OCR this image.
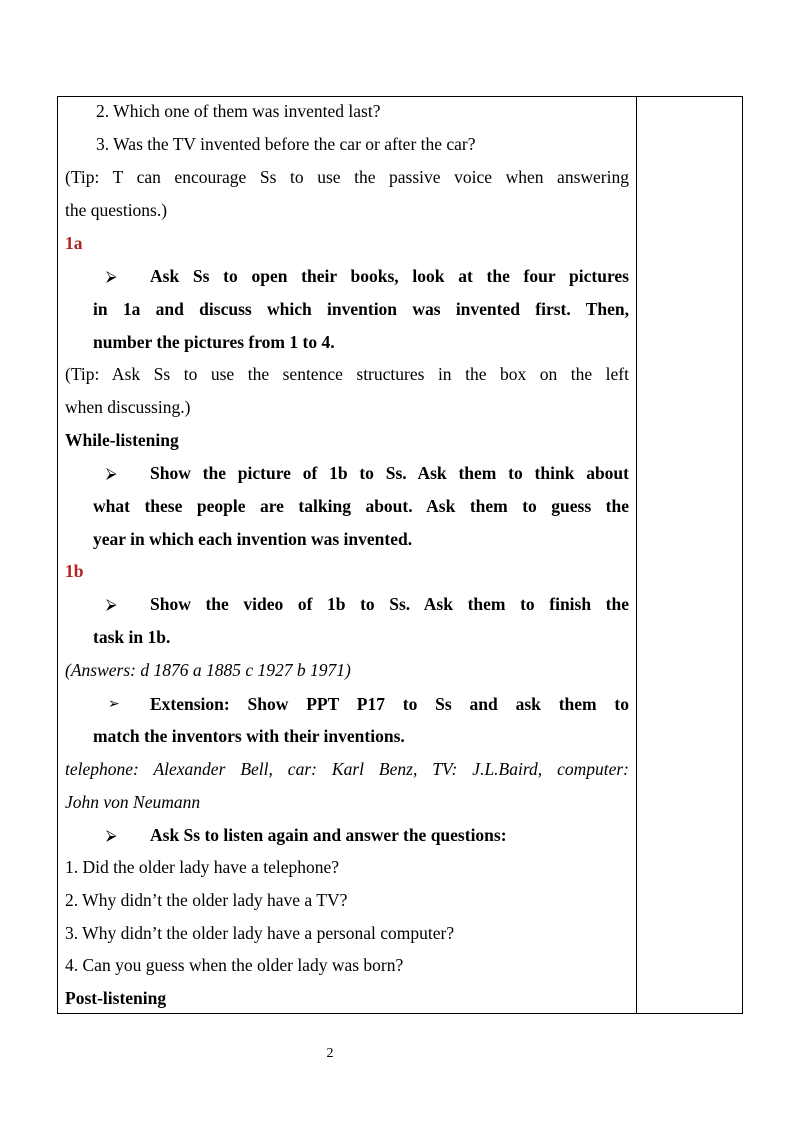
2. Which one of them was invented last?
3. Was the TV invented before the car or after the car?
(Tip: T can encourage Ss to use the passive voice when answering
the questions.)
1a
⮚ Ask Ss to open their books, look at the four pictures
in 1a and discuss which invention was invented first. Then,
number the pictures from 1 to 4.
(Tip: Ask Ss to use the sentence structures in the box on the left
when discussing.)
While-listening
⮚ Show the picture of 1b to Ss. Ask them to think about
what these people are talking about. Ask them to guess the
year in which each invention was invented.
1b
⮚ Show the video of 1b to Ss. Ask them to finish the
task in 1b.
(Answers: d 1876 a 1885 c 1927 b 1971)
➢ Extension: Show PPT P17 to Ss and ask them to
match the inventors with their inventions.
telephone: Alexander Bell, car: Karl Benz, TV: J.L.Baird, computer:
John von Neumann
⮚ Ask Ss to listen again and answer the questions:
1. Did the older lady have a telephone?
2. Why didn’t the older lady have a TV?
3. Why didn’t the older lady have a personal computer?
4. Can you guess when the older lady was born?
Post-listening
2
